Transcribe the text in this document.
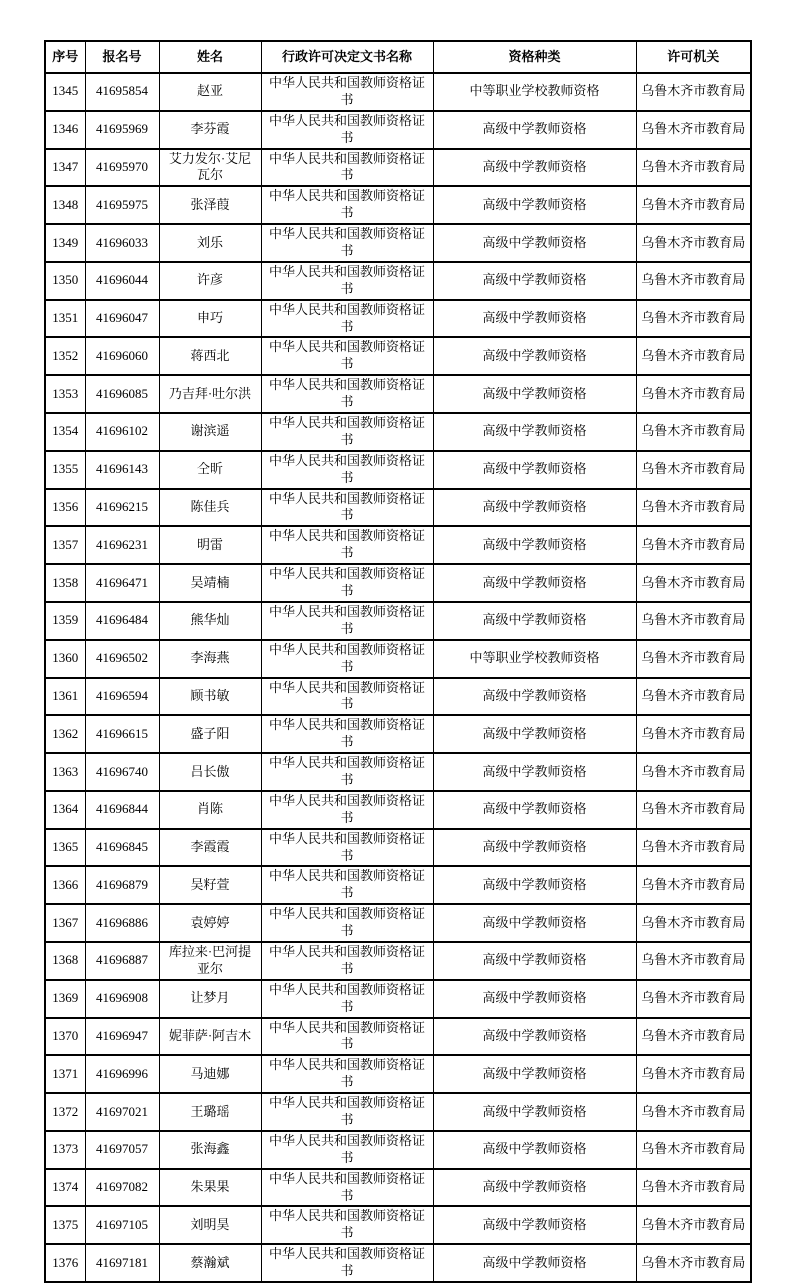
序号	报名号	姓名	行政许可决定文书名称	资格种类	许可机关
1345	41695854	赵亚	中华人民共和国教师资格证书	中等职业学校教师资格	乌鲁木齐市教育局
1346	41695969	李芬霞	中华人民共和国教师资格证书	高级中学教师资格	乌鲁木齐市教育局
1347	41695970	艾力发尔·艾尼瓦尔	中华人民共和国教师资格证书	高级中学教师资格	乌鲁木齐市教育局
1348	41695975	张泽葭	中华人民共和国教师资格证书	高级中学教师资格	乌鲁木齐市教育局
1349	41696033	刘乐	中华人民共和国教师资格证书	高级中学教师资格	乌鲁木齐市教育局
1350	41696044	许彦	中华人民共和国教师资格证书	高级中学教师资格	乌鲁木齐市教育局
1351	41696047	申巧	中华人民共和国教师资格证书	高级中学教师资格	乌鲁木齐市教育局
1352	41696060	蒋西北	中华人民共和国教师资格证书	高级中学教师资格	乌鲁木齐市教育局
1353	41696085	乃吉拜·吐尔洪	中华人民共和国教师资格证书	高级中学教师资格	乌鲁木齐市教育局
1354	41696102	谢滨遥	中华人民共和国教师资格证书	高级中学教师资格	乌鲁木齐市教育局
1355	41696143	仝昕	中华人民共和国教师资格证书	高级中学教师资格	乌鲁木齐市教育局
1356	41696215	陈佳兵	中华人民共和国教师资格证书	高级中学教师资格	乌鲁木齐市教育局
1357	41696231	明雷	中华人民共和国教师资格证书	高级中学教师资格	乌鲁木齐市教育局
1358	41696471	吴靖楠	中华人民共和国教师资格证书	高级中学教师资格	乌鲁木齐市教育局
1359	41696484	熊华灿	中华人民共和国教师资格证书	高级中学教师资格	乌鲁木齐市教育局
1360	41696502	李海燕	中华人民共和国教师资格证书	中等职业学校教师资格	乌鲁木齐市教育局
1361	41696594	顾书敏	中华人民共和国教师资格证书	高级中学教师资格	乌鲁木齐市教育局
1362	41696615	盛子阳	中华人民共和国教师资格证书	高级中学教师资格	乌鲁木齐市教育局
1363	41696740	吕长傲	中华人民共和国教师资格证书	高级中学教师资格	乌鲁木齐市教育局
1364	41696844	肖陈	中华人民共和国教师资格证书	高级中学教师资格	乌鲁木齐市教育局
1365	41696845	李霞霞	中华人民共和国教师资格证书	高级中学教师资格	乌鲁木齐市教育局
1366	41696879	吴籽萱	中华人民共和国教师资格证书	高级中学教师资格	乌鲁木齐市教育局
1367	41696886	袁婷婷	中华人民共和国教师资格证书	高级中学教师资格	乌鲁木齐市教育局
1368	41696887	库拉来·巴河提亚尔	中华人民共和国教师资格证书	高级中学教师资格	乌鲁木齐市教育局
1369	41696908	让梦月	中华人民共和国教师资格证书	高级中学教师资格	乌鲁木齐市教育局
1370	41696947	妮菲萨·阿吉木	中华人民共和国教师资格证书	高级中学教师资格	乌鲁木齐市教育局
1371	41696996	马迪娜	中华人民共和国教师资格证书	高级中学教师资格	乌鲁木齐市教育局
1372	41697021	王璐瑶	中华人民共和国教师资格证书	高级中学教师资格	乌鲁木齐市教育局
1373	41697057	张海鑫	中华人民共和国教师资格证书	高级中学教师资格	乌鲁木齐市教育局
1374	41697082	朱果果	中华人民共和国教师资格证书	高级中学教师资格	乌鲁木齐市教育局
1375	41697105	刘明昊	中华人民共和国教师资格证书	高级中学教师资格	乌鲁木齐市教育局
1376	41697181	蔡瀚斌	中华人民共和国教师资格证书	高级中学教师资格	乌鲁木齐市教育局
